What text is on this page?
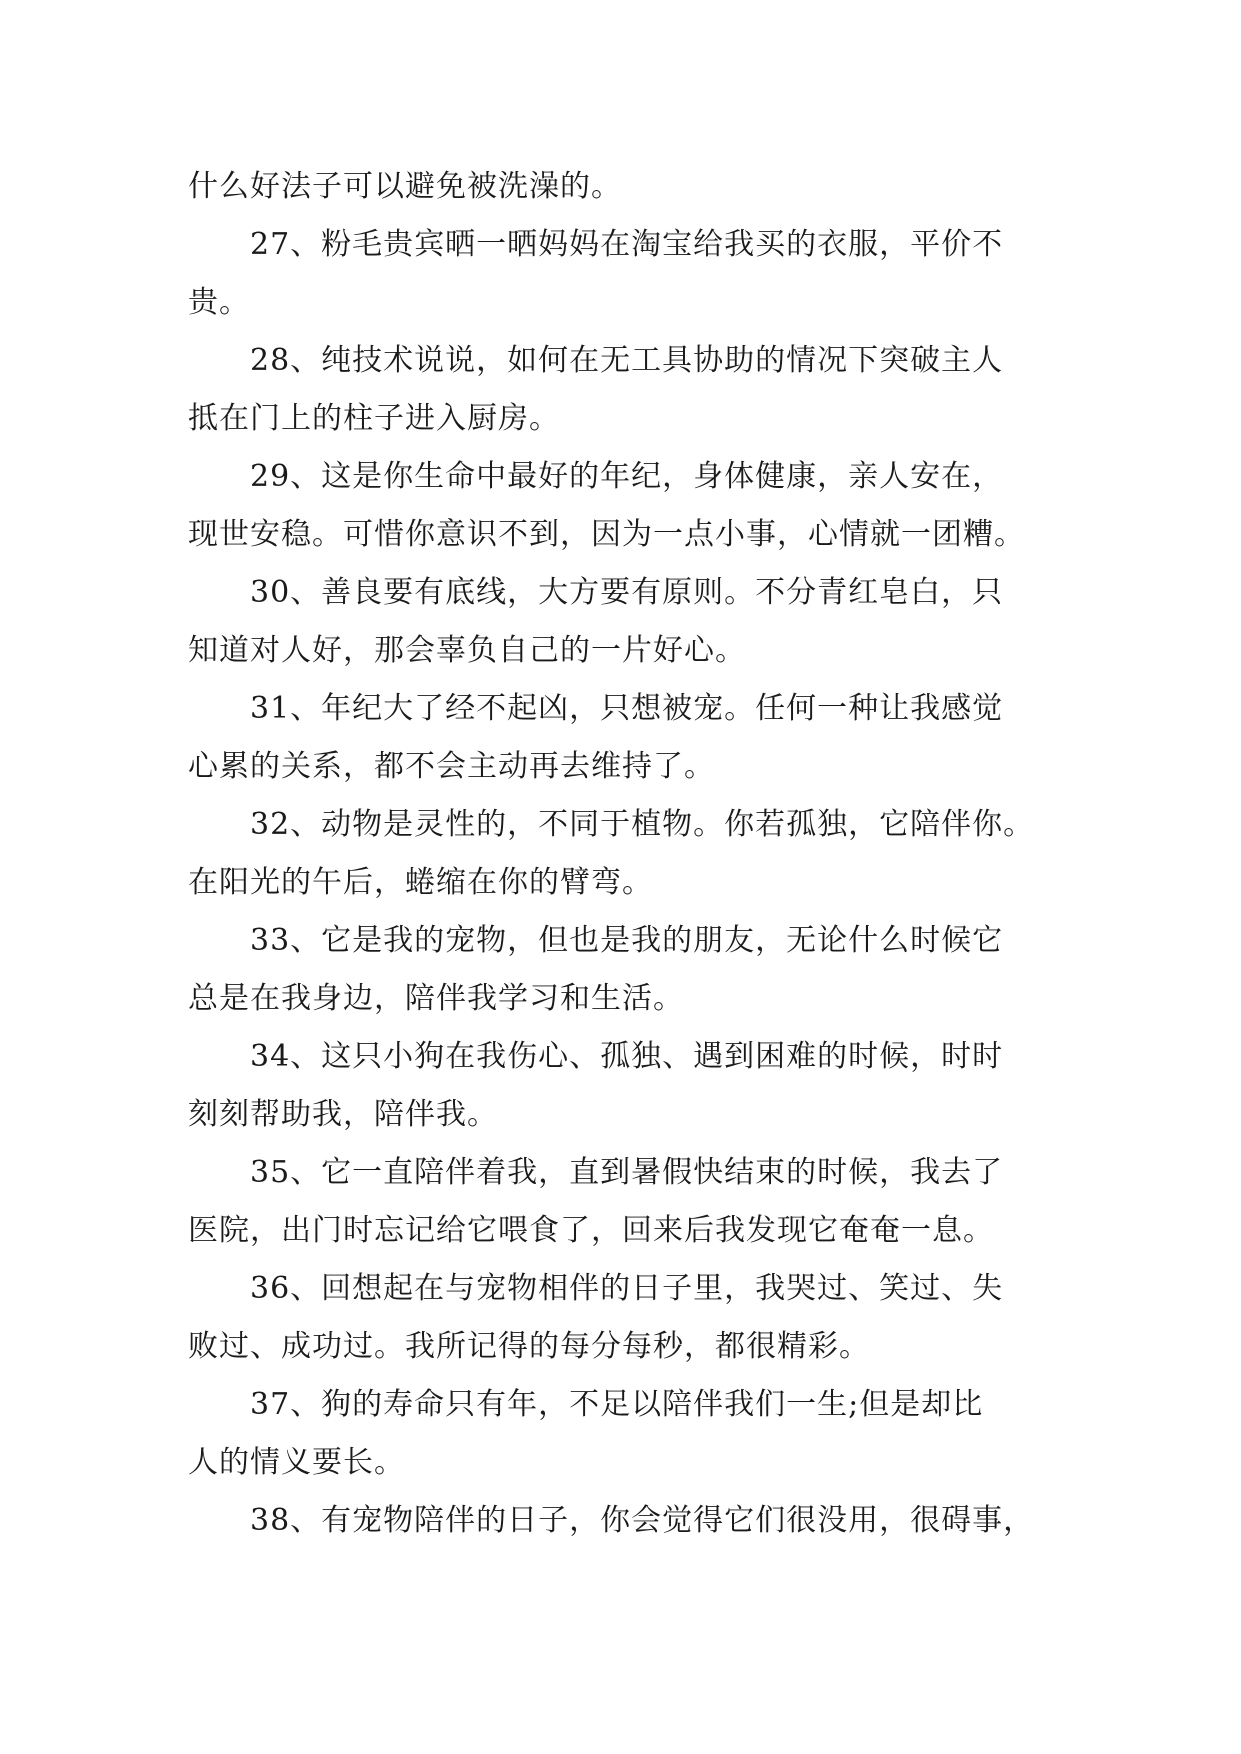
什么好法子可以避免被洗澡的。
27、粉毛贵宾晒一晒妈妈在淘宝给我买的衣服，平价不
贵。
28、纯技术说说，如何在无工具协助的情况下突破主人
抵在门上的柱子进入厨房。
29、这是你生命中最好的年纪，身体健康，亲人安在，
现世安稳。可惜你意识不到，因为一点小事，心情就一团糟。
30、善良要有底线，大方要有原则。不分青红皂白，只
知道对人好，那会辜负自己的一片好心。
31、年纪大了经不起凶，只想被宠。任何一种让我感觉
心累的关系，都不会主动再去维持了。
32、动物是灵性的，不同于植物。你若孤独，它陪伴你。
在阳光的午后，蜷缩在你的臂弯。
33、它是我的宠物，但也是我的朋友，无论什么时候它
总是在我身边，陪伴我学习和生活。
34、这只小狗在我伤心、孤独、遇到困难的时候，时时
刻刻帮助我，陪伴我。
35、它一直陪伴着我，直到暑假快结束的时候，我去了
医院，出门时忘记给它喂食了，回来后我发现它奄奄一息。
36、回想起在与宠物相伴的日子里，我哭过、笑过、失
败过、成功过。我所记得的每分每秒，都很精彩。
37、狗的寿命只有年，不足以陪伴我们一生;但是却比
人的情义要长。
38、有宠物陪伴的日子，你会觉得它们很没用，很碍事，
